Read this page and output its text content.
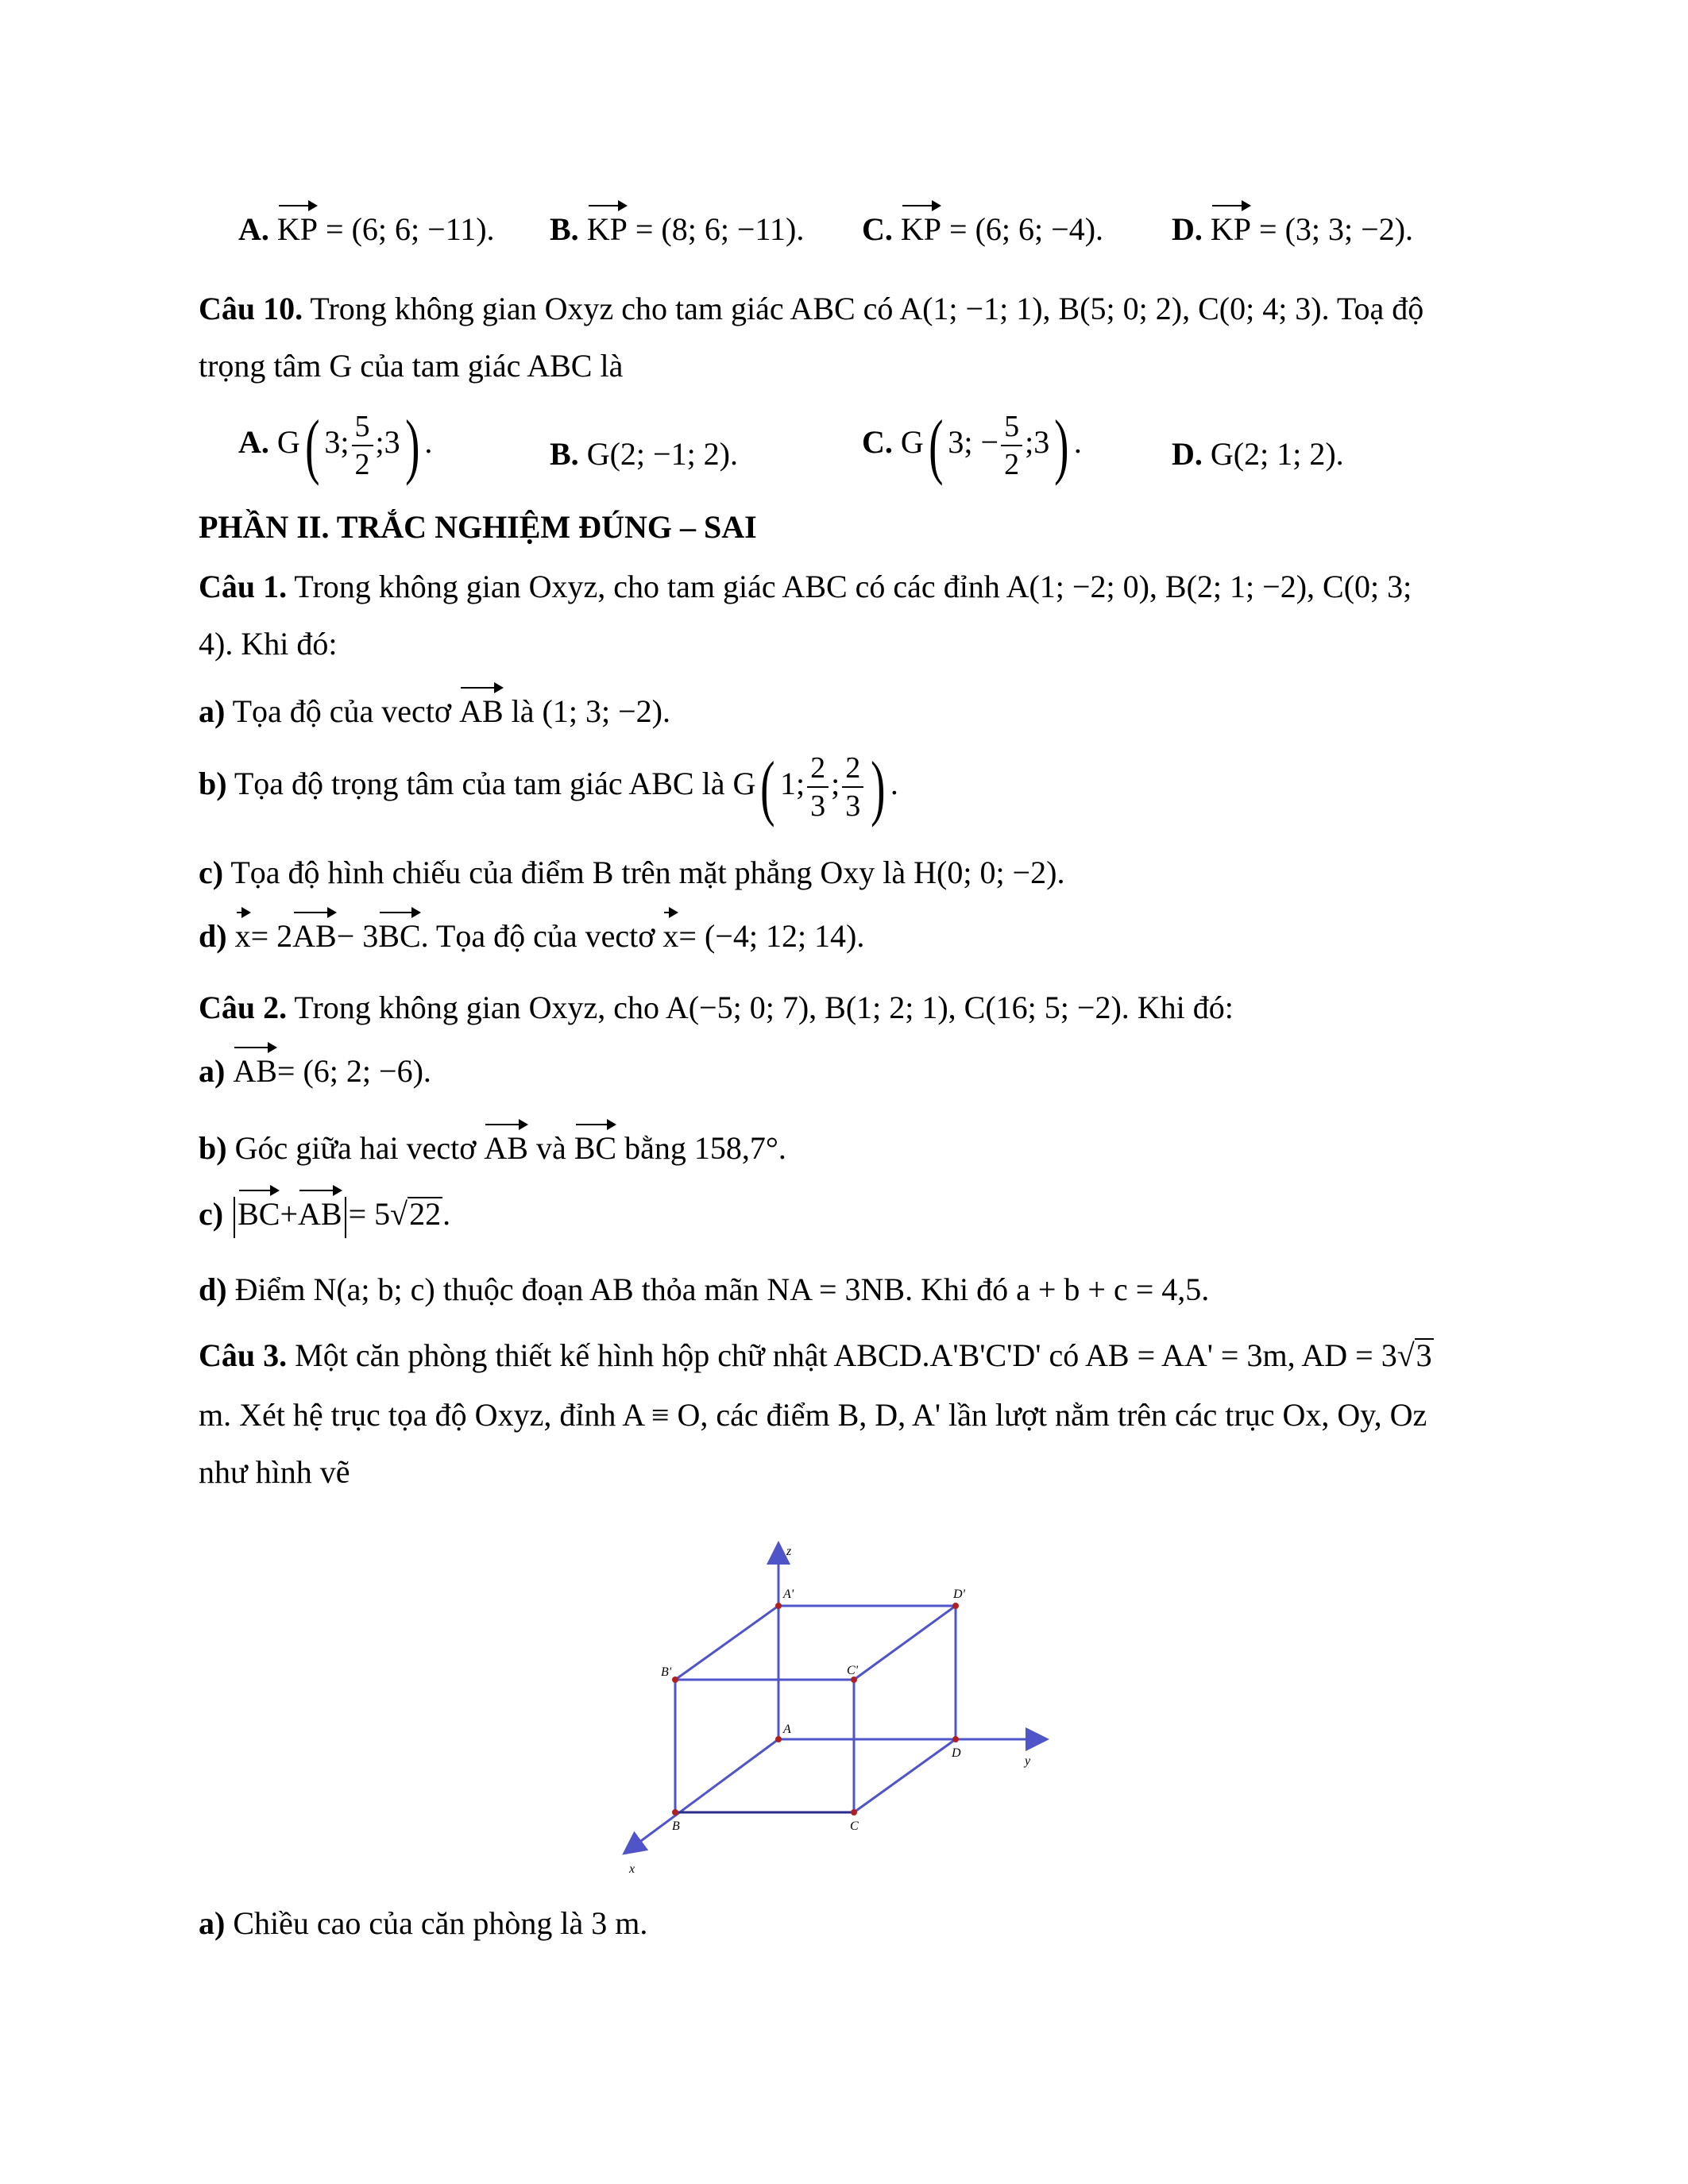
A. KP = (6; 6; −11). B. KP = (8; 6; −11). C. KP = (6; 6; −4). D. KP = (3; 3; −2).
Câu 10. Trong không gian Oxyz cho tam giác ABC có A(1; −1; 1), B(5; 0; 2), C(0; 4; 3). Toạ độ
trọng tâm G của tam giác ABC là
A. G( 3; $\frac{5}{2}$ ;3) .	B. G(2; −1; 2).	C. G( 3; − $\frac{5}{2}$ ;3) .	D. G(2; 1; 2).
PHẦN II. TRẮC NGHIỆM ĐÚNG – SAI
Câu 1. Trong không gian Oxyz, cho tam giác ABC có các đỉnh A(1; −2; 0), B(2; 1; −2), C(0; 3;
4). Khi đó:
a) Tọa độ của vectơ AB là (1; 3; −2).
b) Tọa độ trọng tâm của tam giác ABC là G( 1; $\frac{2}{3}$ ; $\frac{2}{3}$ ) .
c) Tọa độ hình chiếu của điểm B trên mặt phẳng Oxy là H(0; 0; −2).
d) x= 2AB− 3BC. Tọa độ của vectơ x= (−4; 12; 14).
Câu 2. Trong không gian Oxyz, cho A(−5; 0; 7), B(1; 2; 1), C(16; 5; −2). Khi đó:
a) AB= (6; 2; −6).
b) Góc giữa hai vectơ AB và BC bằng 158,7°.
c) BC+AB = 5√22.
d) Điểm N(a; b; c) thuộc đoạn AB thỏa mãn NA = 3NB. Khi đó a + b + c = 4,5.
Câu 3. Một căn phòng thiết kế hình hộp chữ nhật ABCD.A'B'C'D' có AB = AA' = 3m, AD = 3√3
m. Xét hệ trục tọa độ Oxyz, đỉnh A ≡ O, các điểm B, D, A' lần lượt nằm trên các trục Ox, Oy, Oz
như hình vẽ
z
y
x
A'	D'
B'	C'
A
D
B	C
a) Chiều cao của căn phòng là 3 m.
